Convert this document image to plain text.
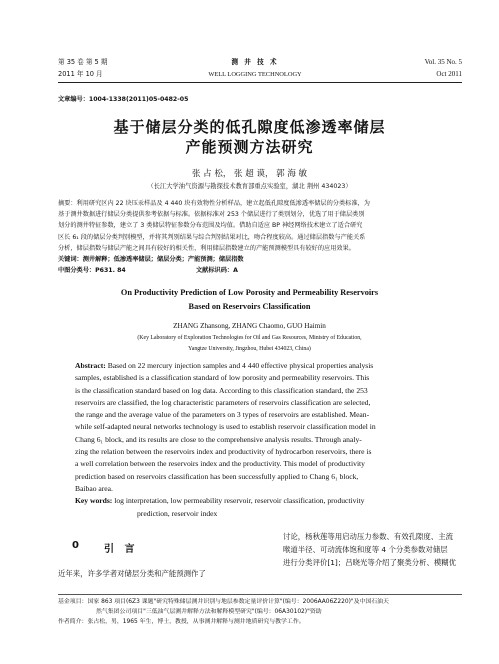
第 35 卷 第 5 期
2011 年 10 月
测 井 技 术
WELL LOGGING TECHNOLOGY
Vol. 35 No. 5
Oct 2011
文章编号：1004-1338(2011)05-0482-05
基于储层分类的低孔隙度低渗透率储层
产能预测方法研究
张 占 松， 张 超 谟， 郭 海 敏
（长江大学油气资源与勘探技术教育部重点实验室，湖北 荆州 434023）
摘要：利用研究区内 22 块压汞样品及 4 440 块有效物性分析样品，建立起低孔隙度低渗透率储层的分类标准，为
基于测井数据进行储层分类提供参考依据与标准。依据标准对 253 个储层进行了类别划分，优选了用于储层类别
划分的测井特征参数，建立了 3 类储层特征参数分布范围及均值。借助自适应 BP 神经网络技术建立了适合研究
区长 6₁ 段的储层分类判别模型，并将其判别结果与综合判别结果对比，吻合程度较高。通过储层指数与产能关系
分析，储层指数与储层产能之间具有较好的相关性，利用储层指数建立的产能预测模型具有较好的应用效果。
关键词：测井解释；低渗透率储层；储层分类；产能预测；储层指数
中图分类号：P631. 84	文献标识码：A
On Productivity Prediction of Low Porosity and Permeability Reservoirs
Based on Reservoirs Classification
ZHANG Zhansong, ZHANG Chaomo, GUO Haimin
(Key Laboratory of Exploration Technologies for Oil and Gas Resources, Ministry of Education,
Yangtze University, Jingzhou, Hubei 434023, China)
Abstract: Based on 22 mercury injection samples and 4 440 effective physical properties analysis
samples, established is a classification standard of low porosity and permeability reservoirs. This
is the classification standard based on log data. According to this classification standard, the 253
reservoirs are classified, the log characteristic parameters of reservoirs classification are selected,
the range and the average value of the parameters on 3 types of reservoirs are established. Mean-
while self-adapted neural networks technology is used to establish reservoir classification model in
Chang 6₁ block, and its results are close to the comprehensive analysis results. Through analy-
zing the relation between the reservoirs index and productivity of hydrocarbon reservoirs, there is
a well correlation between the reservoirs index and the productivity. This model of productivity
prediction based on reservoirs classification has been successfully applied to Chang 6₁ block,
Baibao area.
Key words: log interpretation, low permeability reservoir, reservoir classification, productivity
prediction, reservoir index
0	引   言
近年来，许多学者对储层分类和产能预测作了
讨论，杨秋莲等用启动压力参数、有效孔隙度、主流
喉道半径、可动流体饱和度等 4 个分类参数对储层
进行分类评价[1]；吕晓光等介绍了聚类分析、模糊优
基金项目：国家 863 项目(6Z3 课题"研究特殊储层测井识别与地层参数定量评价计算"(编号：2006AA06Z220)"及中国石油天
然气集团公司项目"三低油气层测井解释方法和解释模型研究"(编号：06A30102)"资助
作者简介：张占松，男，1965 年生，博士，教授，从事测井解释与测井地质研究与教学工作。
